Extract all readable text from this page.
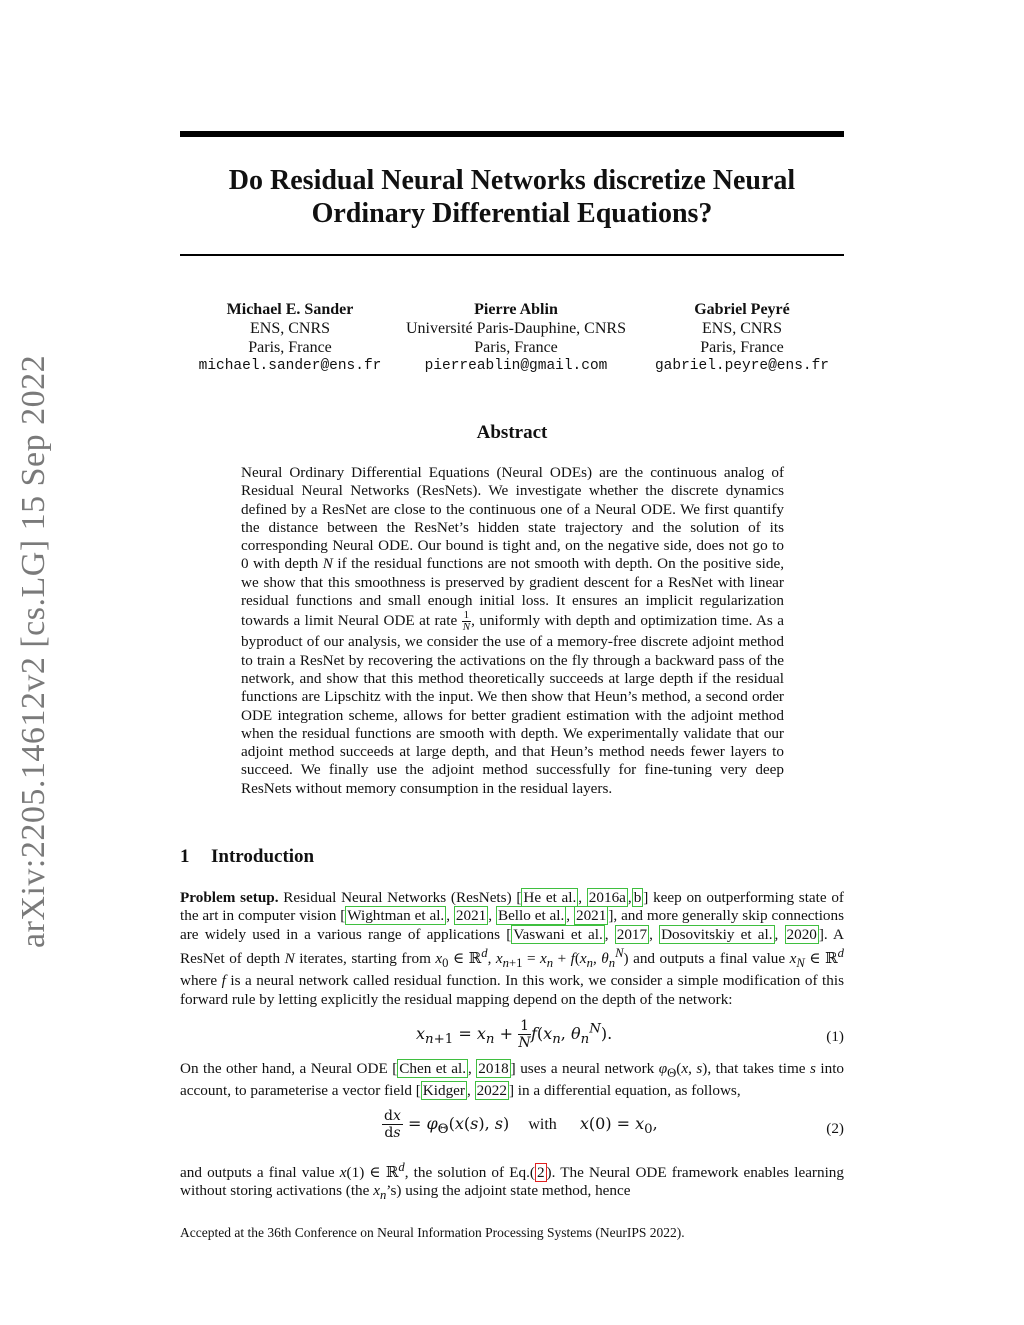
arXiv:2205.14612v2 [cs.LG] 15 Sep 2022
Do Residual Neural Networks discretize Neural
Ordinary Differential Equations?
Michael E. Sander
ENS, CNRS
Paris, France
michael.sander@ens.fr
Pierre Ablin
Université Paris-Dauphine, CNRS
Paris, France
pierreablin@gmail.com
Gabriel Peyré
ENS, CNRS
Paris, France
gabriel.peyre@ens.fr
Abstract
Neural Ordinary Differential Equations (Neural ODEs) are the continuous analog of Residual Neural Networks (ResNets). We investigate whether the discrete dynamics defined by a ResNet are close to the continuous one of a Neural ODE. We first quantify the distance between the ResNet’s hidden state trajectory and the solution of its corresponding Neural ODE. Our bound is tight and, on the negative side, does not go to 0 with depth N if the residual functions are not smooth with depth. On the positive side, we show that this smoothness is preserved by gradient descent for a ResNet with linear residual functions and small enough initial loss. It ensures an implicit regularization towards a limit Neural ODE at rate $\frac{1}{N}$ , uniformly with depth and optimization time. As a byproduct of our analysis, we consider the use of a memory-free discrete adjoint method to train a ResNet by recovering the activations on the fly through a backward pass of the network, and show that this method theoretically succeeds at large depth if the residual functions are Lipschitz with the input. We then show that Heun’s method, a second order ODE integration scheme, allows for better gradient estimation with the adjoint method when the residual functions are smooth with depth. We experimentally validate that our adjoint method succeeds at large depth, and that Heun’s method needs fewer layers to succeed. We finally use the adjoint method successfully for fine-tuning very deep ResNets without memory consumption in the residual layers.
1 Introduction
Problem setup. Residual Neural Networks (ResNets) [ He et al. , 2016a , b ] keep on outperforming state of the art in computer vision [ Wightman et al. , 2021 , Bello et al. , 2021 ], and more generally skip connections are widely used in a various range of applications [ Vaswani et al. , 2017 , Dosovitskiy et al. , 2020 ]. A ResNet of depth N iterates, starting from $x_0$ ∈ ℝ$^d$, $x_{n+1} = x_n + f(x_n$, $\theta_n^N$) and outputs a final value $x_N$ ∈ ℝ$^d$ where f is a neural network called residual function. In this work, we consider a simple modification of this forward rule by letting explicitly the residual mapping depend on the depth of the network:
$x_{n+1} = x_n + \frac{1}{N} f(x_n$, $\theta_n^N$).	(1)
On the other hand, a Neural ODE [ Chen et al. , 2018 ] uses a neural network $\varphi_\Theta(x$, s), that takes time s into account, to parameterise a vector field [ Kidger , 2022 ] in a differential equation, as follows,
$\frac{dx}{ds} = \varphi_\Theta(x(s)$, s) with $x(0) = x_0$,	(2)
and outputs a final value x(1) ∈ ℝ$^d$, the solution of Eq.( 2 ). The Neural ODE framework enables learning without storing activations (the $x_n’s$) using the adjoint state method, hence
Accepted at the 36th Conference on Neural Information Processing Systems (NeurIPS 2022).
